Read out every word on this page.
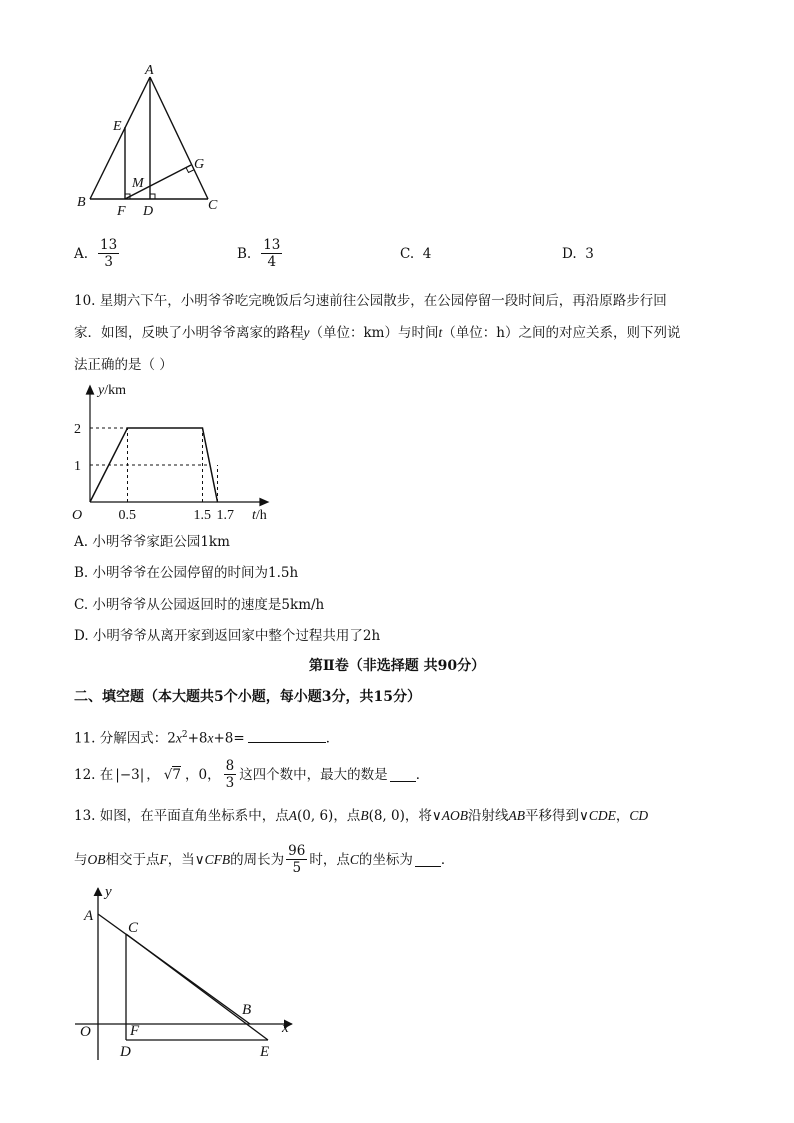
A
E
M
G
B
F D	C
A. $\frac{13}{3}$	B. $\frac{13}{4}$	C. 4	D. 3
10. 星期六下午，小明爷爷吃完晚饭后匀速前往公园散步，在公园停留一段时间后，再沿原路步行回
家．如图，反映了小明爷爷离家的路程y（单位：km）与时间t（单位：h）之间的对应关系，则下列说
法正确的是（ ）
O	0.5	1.5 1.7
1
2
y/km
t/h
A. 小明爷爷家距公园1km
B. 小明爷爷在公园停留的时间为1.5h
C. 小明爷爷从公园返回时的速度是5km/h
D. 小明爷爷从离开家到返回家中整个过程共用了2h
第Ⅱ卷（非选择题 共90分）
二、填空题（本大题共5个小题，每小题3分，共15分）
11. 分解因式：$2x^2+8x+8=$	．
12. 在 |−3| ， √7 ，0， $\frac{8}{3}$ 这四个数中，最大的数是 ．
13. 如图，在平面直角坐标系中，点A(0, 6)，点B(8, 0)，将∨AOB沿射线AB平移得到∨CDE，CD
与 OB 相交于点 F ，当 ∨CFB 的周长为 $\frac{96}{5}$ 时，点 C 的坐标为 ．
y
A
C
B
O	F	x
D	E
